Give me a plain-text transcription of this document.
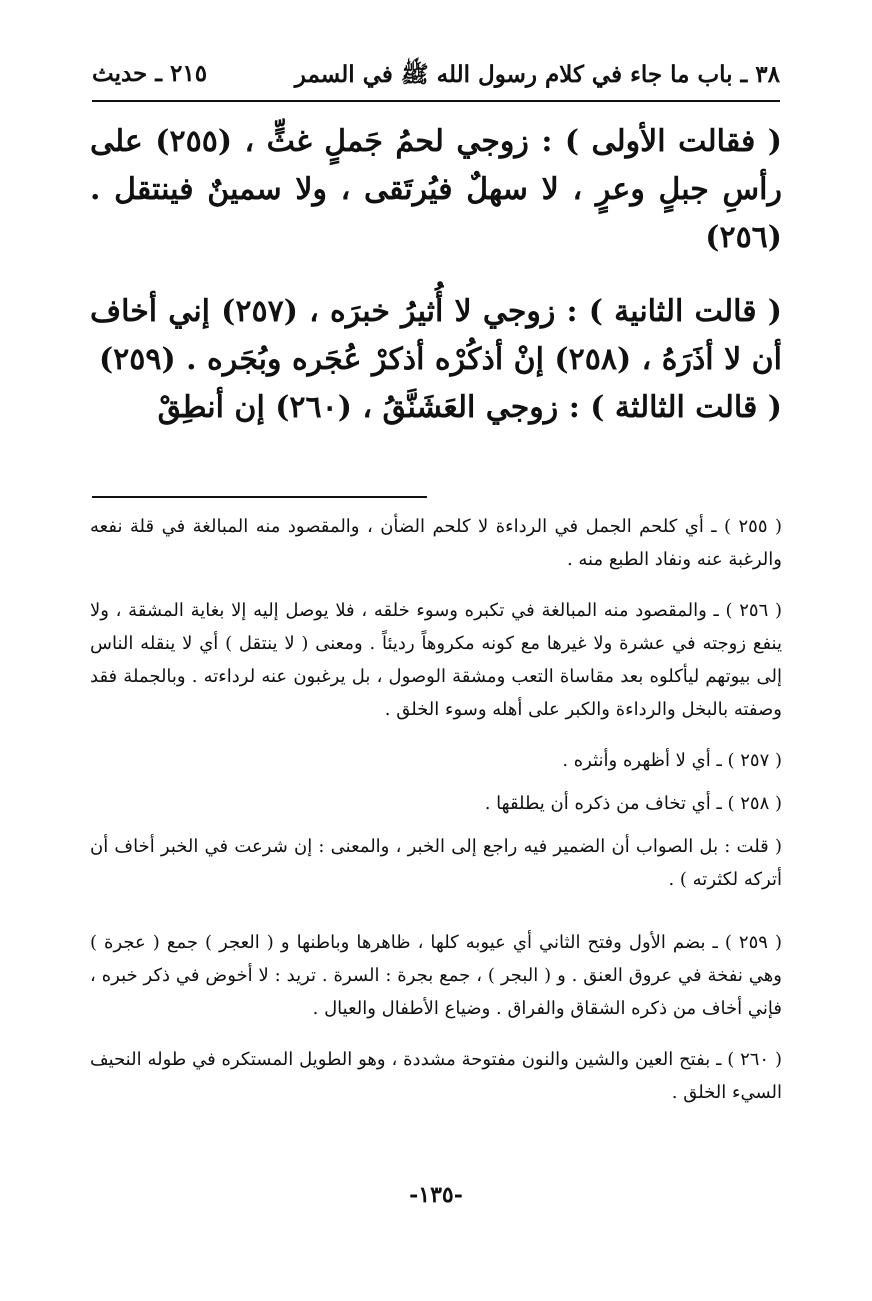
٣٨ ـ باب ما جاء في كلام رسول الله ﷺ في السمر
٢١٥ ـ حديث

( فقالت الأولى ) : زوجي لحمُ جَملٍ غثٍّ ، (٢٥٥) على رأسِ جبلٍ وعرٍ ، لا سهلٌ فيُرتَقى ، ولا سمينٌ فينتقل . (٢٥٦)

( قالت الثانية ) : زوجي لا أُثيرُ خبرَه ، (٢٥٧) إني أخاف أن لا أذَرَهُ ، (٢٥٨) إنْ أذكُرْه أذكرْ عُجَره وبُجَره . (٢٥٩)

( قالت الثالثة ) : زوجي العَشَنَّقُ ، (٢٦٠) إن أنطِقْ

( ٢٥٥ ) ـ أي كلحم الجمل في الرداءة لا كلحم الضأن ، والمقصود منه المبالغة في قلة نفعه والرغبة عنه ونفاد الطبع منه .

( ٢٥٦ ) ـ والمقصود منه المبالغة في تكبره وسوء خلقه ، فلا يوصل إليه إلا بغاية المشقة ، ولا ينفع زوجته في عشرة ولا غيرها مع كونه مكروهاً رديئاً . ومعنى ( لا ينتقل ) أي لا ينقله الناس إلى بيوتهم ليأكلوه بعد مقاساة التعب ومشقة الوصول ، بل يرغبون عنه لرداءته . وبالجملة فقد وصفته بالبخل والرداءة والكبر على أهله وسوء الخلق .

( ٢٥٧ ) ـ أي لا أظهره وأنثره .

( ٢٥٨ ) ـ أي تخاف من ذكره أن يطلقها .

( قلت : بل الصواب أن الضمير فيه راجع إلى الخبر ، والمعنى : إن شرعت في الخبر أخاف أن أتركه لكثرته ) .

( ٢٥٩ ) ـ بضم الأول وفتح الثاني أي عيوبه كلها ، ظاهرها وباطنها و ( العجر ) جمع ( عجرة ) وهي نفخة في عروق العنق . و ( البجر ) ، جمع بجرة : السرة . تريد : لا أخوض في ذكر خبره ، فإني أخاف من ذكره الشقاق والفراق . وضياع الأطفال والعيال .

( ٢٦٠ ) ـ بفتح العين والشين والنون مفتوحة مشددة ، وهو الطويل المستكره في طوله النحيف السيء الخلق .

-١٣٥-
